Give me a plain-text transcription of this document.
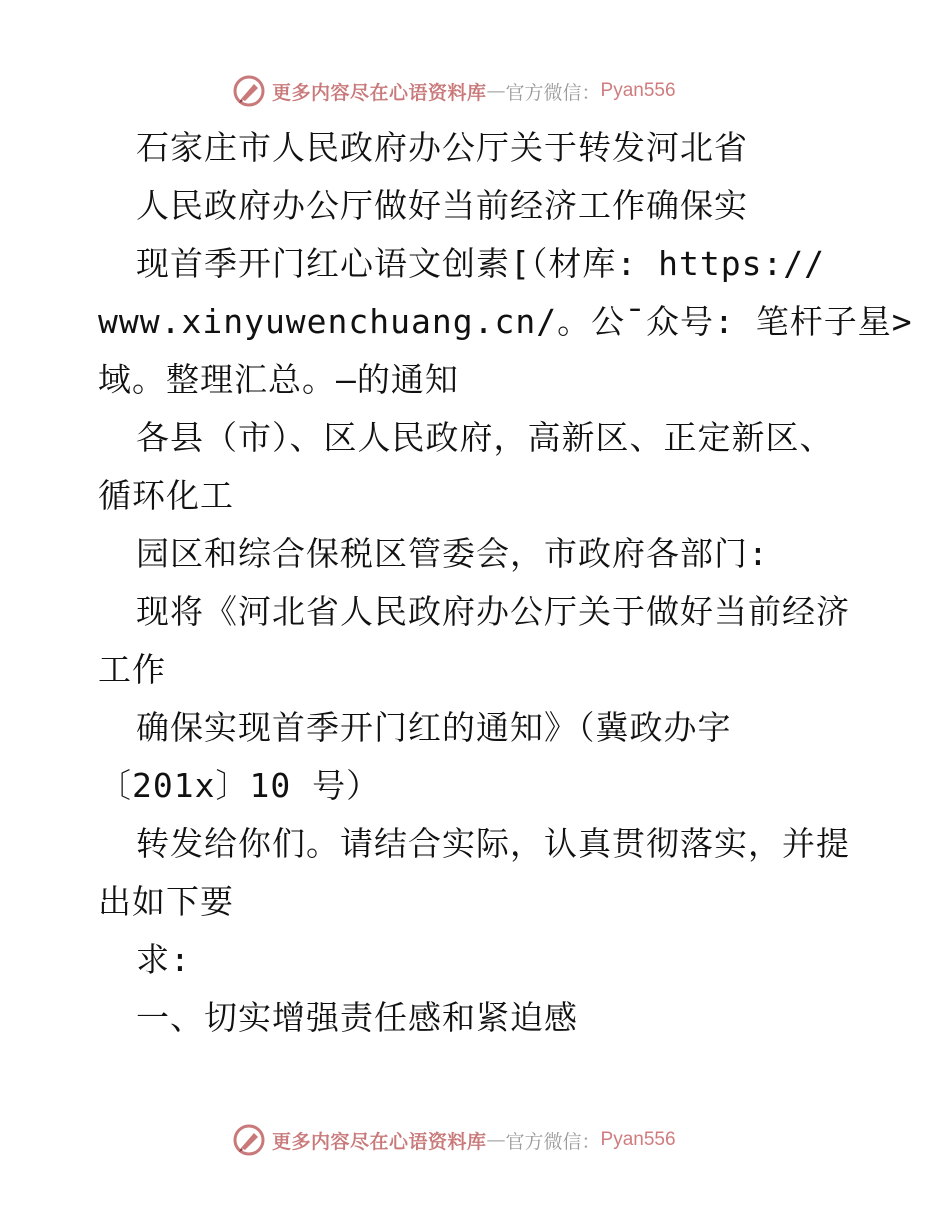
更多内容尽在心语资料库 — 官方微信： Pyan556
石家庄市人民政府办公厅关于转发河北省
人民政府办公厅做好当前经济工作确保实
现首季开门红心语文创素[（材库: https://
www.xinyuwenchuang.cn/。公¯众号: 笔杆子星>
域。整理汇总。—的通知
各县（市）、区人民政府，高新区、正定新区、
循环化工
园区和综合保税区管委会，市政府各部门:
现将《河北省人民政府办公厅关于做好当前经济
工作
确保实现首季开门红的通知》（冀政办字
〔201x〕10 号）
转发给你们。请结合实际，认真贯彻落实，并提
出如下要
求:
一、切实增强责任感和紧迫感
更多内容尽在心语资料库 — 官方微信： Pyan556
